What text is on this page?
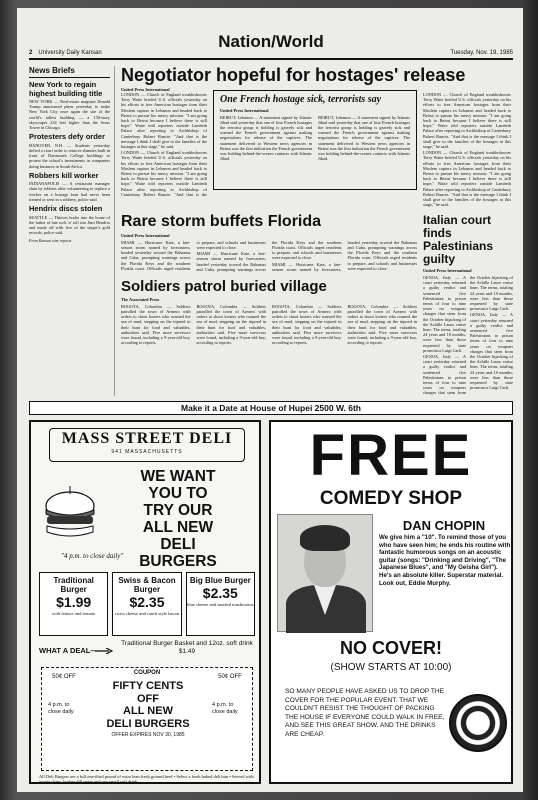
2 University Daily Kansan
Nation/World
Tuesday, Nov. 19, 1985
News Briefs
New York to regain highest building title

NEW YORK — Real-estate magnate Donald Trump announced plans yesterday to make New York City once again the site of the world's tallest building — a 150-story skyscraper 234 feet higher than the Sears Tower in Chicago.

Protesters defy order

HANOVER, N.H. — Students yesterday defied a court order to remove shanties built in front of Dartmouth College buildings to protest the school's investments in companies doing business in South Africa.

Robbers kill worker

INDIANAPOLIS — A restaurant manager slain by robbers after volunteering to replace a worker on a hostage loan had never been trained or seen in a robbery, police said.

Hendrix discs stolen

SEATTLE — Thieves broke into the home of the father of late rock 'n' roll star Jimi Hendrix and made off with five of the singer's gold records, police said.

From Kansan wire reports
Negotiator hopeful for hostages' release
United Press International

LONDON — Church of England troubleshooter Terry Waite briefed U.S. officials yesterday on his efforts to free American hostages from their Moslem captors in Lebanon and headed back to Beirut to pursue his mercy mission. "I am going back to Beirut because I believe there is still hope," Waite told reporters outside Lambeth Palace after reporting to Archbishop of Canterbury Robert Runcie. "And that is the message I think I shall give to the families of the hostages at this stage," he said.

LONDON — Church of England troubleshooter Terry Waite briefed U.S. officials yesterday on his efforts to free American hostages from their Moslem captors in Lebanon and headed back to Beirut to pursue his mercy mission. "I am going back to Beirut because I believe there is still hope," Waite told reporters outside Lambeth Palace after reporting to Archbishop of Canterbury Robert Runcie. "And that is the

LONDON — Church of England troubleshooter Terry Waite briefed U.S. officials yesterday on his efforts to free American hostages from their Moslem captors in Lebanon and headed back to Beirut to pursue his mercy mission. "I am going back to Beirut because I believe there is still hope," Waite told reporters outside Lambeth Palace after reporting to Archbishop of Canterbury Robert Runcie. "And that is the message I think I shall give to the families of the hostages at this stage," he said.

LONDON — Church of England troubleshooter Terry Waite briefed U.S. officials yesterday on his efforts to free American hostages from their Moslem captors in Lebanon and headed back to Beirut to pursue his mercy mission. "I am going back to Beirut because I believe there is still hope," Waite told reporters outside Lambeth Palace after reporting to Archbishop of Canterbury Robert Runcie. "And that is the message I think I shall give to the families of the hostages at this stage," he said.

One French hostage sick, terrorists say
United Press International

BEIRUT, Lebanon — A statement signed by Islamic Jihad said yesterday that one of four French hostages the terrorist group is holding is gravely sick and warned the French government against making negotiations for release of the captives. The statement delivered to Western news agencies in Beirut was the first indication the French government was holding behind-the-scenes contacts with Islamic Jihad.

BEIRUT, Lebanon — A statement signed by Islamic Jihad said yesterday that one of four French hostages the terrorist group is holding is gravely sick and warned the French government against making negotiations for release of the captives. The statement delivered to Western news agencies in Beirut was the first indication the French government was holding behind-the-scenes contacts with Islamic Jihad.

Rare storm buffets Florida
United Press International

MIAMI — Hurricane Kate, a late-season storm named by forecasters, headed yesterday toward the Bahamas and Cuba, prompting warnings across the Florida Keys and the southern Florida coast. Officials urged residents to prepare, and schools and businesses were expected to close.

MIAMI — Hurricane Kate, a late-season storm named by forecasters, headed yesterday toward the Bahamas and Cuba, prompting warnings across the Florida Keys and the southern Florida coast. Officials urged residents to prepare, and schools and businesses were expected to close.

MIAMI — Hurricane Kate, a late-season storm named by forecasters, headed yesterday toward the Bahamas and Cuba, prompting warnings across the Florida Keys and the southern Florida coast. Officials urged residents to prepare, and schools and businesses were expected to close.

Soldiers patrol buried village
The Associated Press

BOGOTA, Colombia — Soldiers patrolled the town of Armero with orders to shoot looters who roamed the sea of mud, stepping on the injured in their hunt for food and valuables, authorities said. Five more survivors were found, including a 9-year-old boy, according to reports.

BOGOTA, Colombia — Soldiers patrolled the town of Armero with orders to shoot looters who roamed the sea of mud, stepping on the injured in their hunt for food and valuables, authorities said. Five more survivors were found, including a 9-year-old boy, according to reports.

BOGOTA, Colombia — Soldiers patrolled the town of Armero with orders to shoot looters who roamed the sea of mud, stepping on the injured in their hunt for food and valuables, authorities said. Five more survivors were found, including a 9-year-old boy, according to reports.

BOGOTA, Colombia — Soldiers patrolled the town of Armero with orders to shoot looters who roamed the sea of mud, stepping on the injured in their hunt for food and valuables, authorities said. Five more survivors were found, including a 9-year-old boy, according to reports.

Italian court finds Palestinians guilty
United Press International

GENOA, Italy — A court yesterday returned a guilty verdict and sentenced five Palestinians to prison terms of four to nine years on weapons charges that stem from the October hijacking of the Achille Lauro cruise liner. The terms, totaling 24 years and 10 months, were less than those requested by state prosecutor Luigi Carli.

GENOA, Italy — A court yesterday returned a guilty verdict and sentenced five Palestinians to prison terms of four to nine years on weapons charges that stem from the October hijacking of the Achille Lauro cruise liner. The terms, totaling 24 years and 10 months, were less than those requested by state prosecutor Luigi Carli.

GENOA, Italy — A court yesterday returned a guilty verdict and sentenced five Palestinians to prison terms of four to nine years on weapons charges that stem from the October hijacking of the Achille Lauro cruise liner. The terms, totaling 24 years and 10 months, were less than those requested by state prosecutor Luigi Carli.

Make it a Date at House of Hupei 2500 W. 6th
MASS STREET DELI
941 MASSACHUSETTS
WE WANT
YOU TO
TRY OUR
ALL NEW
DELI
BURGERS
"4 p.m. to close daily"
Traditional Burger
$1.99
with lettuce and tomato
Swiss & Bacon Burger
$2.35
swiss cheese and ranch style bacon
Big Blue Burger
$2.35
blue cheese and sautéed mushrooms
WHAT A DEAL—
Traditional Burger Basket and 12oz. soft drink $1.49
COUPON
50¢ OFF	50¢ OFF
4 p.m. to close daily
4 p.m. to close daily
FIFTY CENTS
OFF
ALL NEW
DELI BURGERS
OFFER EXPIRES NOV 30, 1985
All Deli Burgers are a full one-third pound of extra lean fresh ground beef • Select a fresh baked deli bun • Served with potato chips, kosher dill spear and any small soft drink
FREE
COMEDY SHOP
DAN CHOPIN
We give him a "10". To remind those of you who have seen him; he ends his routine with fantastic humorous songs on an acoustic guitar (songs: "Drinking and Driving", "The Japanese Blues", and "My Geisha Girl"). He's an absolute killer. Superstar material. Look out, Eddie Murphy.
NO COVER!
(SHOW STARTS AT 10:00)
SO MANY PEOPLE HAVE ASKED US TO DROP THE COVER FOR THE POPULAR EVENT. THAT WE COULDN'T RESIST THE THOUGHT OF PACKING THE HOUSE IF EVERYONE COULD WALK IN FREE, AND SEE THIS GREAT SHOW. AND THE DRINKS ARE CHEAP.
